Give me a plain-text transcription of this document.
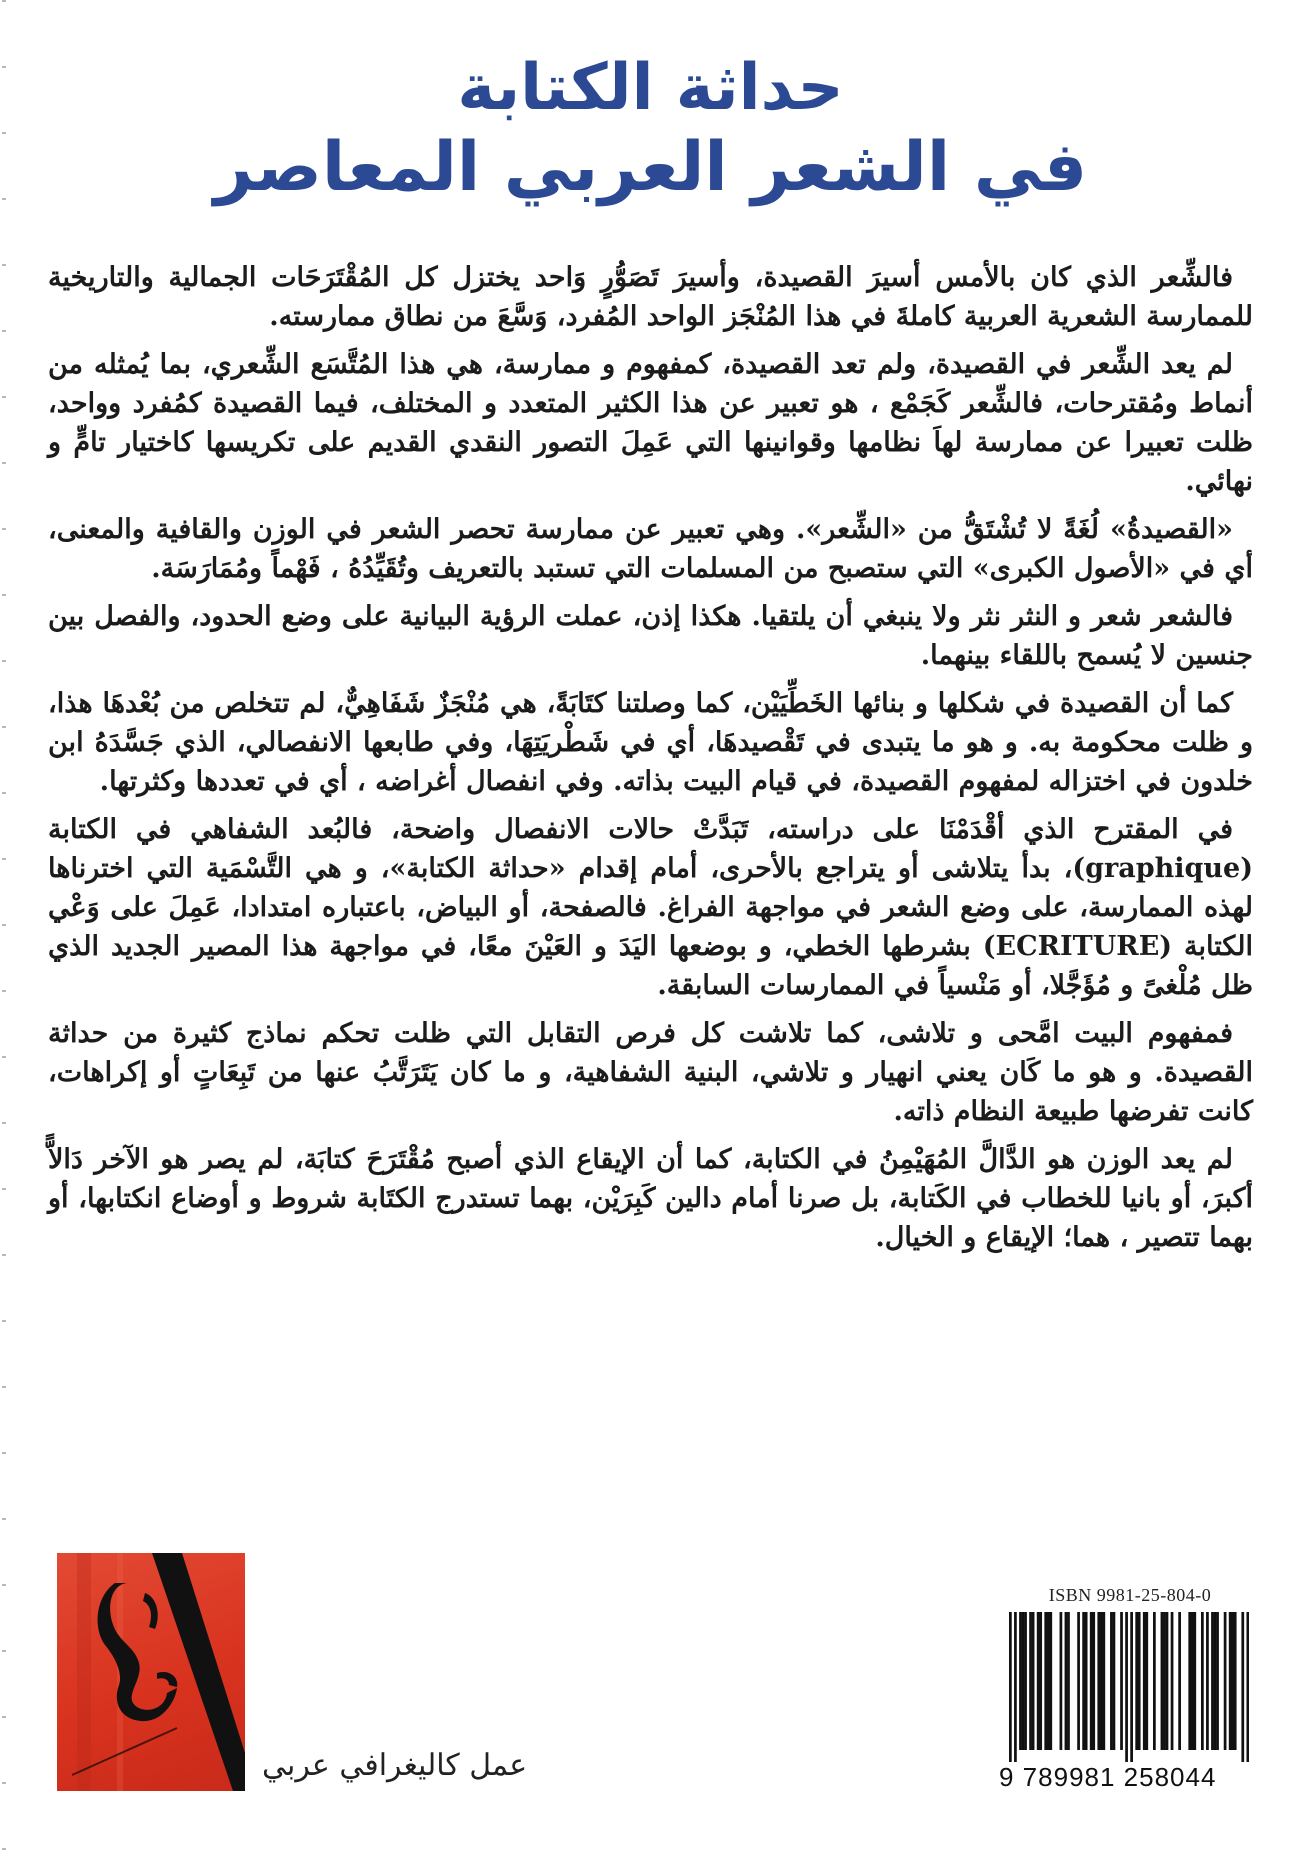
حداثة الكتابة
في الشعر العربي المعاصر

فالشِّعر الذي كان بالأمس أسيرَ القصيدة، وأسيرَ تَصَوُّرٍ وَاحد يختزل كل المُقْتَرَحَات الجمالية والتاريخية للممارسة الشعرية العربية كاملةَ في هذا المُنْجَز الواحد المُفرد، وَسَّعَ من نطاق ممارسته.

لم يعد الشِّعر في القصيدة، ولم تعد القصيدة، كمفهوم و ممارسة، هي هذا المُتَّسَع الشِّعري، بما يُمثله من أنماط ومُقترحات، فالشِّعر كَجَمْع ، هو تعبير عن هذا الكثير المتعدد و المختلف، فيما القصيدة كمُفرد وواحد، ظلت تعبيرا عن ممارسة لهاَ نظامها وقوانينها التي عَمِلَ التصور النقدي القديم على تكريسها كاختيار تامٍّ و نهائي.

«القصيدةُ» لُغَةً لا تُشْتَقُّ من «الشِّعر». وهي تعبير عن ممارسة تحصر الشعر في الوزن والقافية والمعنى، أي في «الأصول الكبرى» التي ستصبح من المسلمات التي تستبد بالتعريف وتُقَيِّدُهُ ، فَهْماً ومُمَارَسَة.

فالشعر شعر و النثر نثر ولا ينبغي أن يلتقيا. هكذا إذن، عملت الرؤية البيانية على وضع الحدود، والفصل بين جنسين لا يُسمح باللقاء بينهما.

كما أن القصيدة في شكلها و بنائها الخَطِّيَيْن، كما وصلتنا كتَابَةً، هي مُنْجَزٌ شَفَاهِيٌّ، لم تتخلص من بُعْدهَا هذا، و ظلت محكومة به. و هو ما يتبدى في تَقْصيدهَا، أي في شَطْريَتِهَا، وفي طابعها الانفصالي، الذي جَسَّدَهُ ابن خلدون في اختزاله لمفهوم القصيدة، في قيام البيت بذاته. وفي انفصال أغراضه ، أي في تعددها وكثرتها.

في المقترح الذي أقْدَمْنَا على دراسته، تَبَدَّتْ حالات الانفصال واضحة، فالبُعد الشفاهي في الكتابة (graphique)، بدأ يتلاشى أو يتراجع بالأحرى، أمام إقدام «حداثة الكتابة»، و هي التَّسْمَية التي اخترناها لهذه الممارسة، على وضع الشعر في مواجهة الفراغ. فالصفحة، أو البياض، باعتباره امتدادا، عَمِلَ على وَعْي الكتابة (ECRITURE) بشرطها الخطي، و بوضعها اليَدَ و العَيْنَ معًا، في مواجهة هذا المصير الجديد الذي ظل مُلْغىً و مُؤَجَّلا، أو مَنْسياً في الممارسات السابقة.

فمفهوم البيت امَّحى و تلاشى، كما تلاشت كل فرص التقابل التي ظلت تحكم نماذج كثيرة من حداثة القصيدة. و هو ما كَان يعني انهيار و تلاشي، البنية الشفاهية، و ما كان يَتَرَتَّبُ عنها من تَبِعَاتٍ أو إكراهات، كانت تفرضها طبيعة النظام ذاته.

لم يعد الوزن هو الدَّالَّ المُهَيْمِنُ في الكتابة، كما أن الإيقاع الذي أصبح مُقْتَرَحَ كتابَة، لم يصر هو الآخر دَالاًّ أكبرَ، أو بانيا للخطاب في الكَتابة، بل صرنا أمام دالين كَبِرَيْن، بهما تستدرج الكتَابة شروط و أوضاع انكتابها، أو بهما تتصير ، هما؛ الإيقاع و الخيال.

عمل كاليغرافي عربي
ISBN 9981-25-804-0
9 789981 258044
